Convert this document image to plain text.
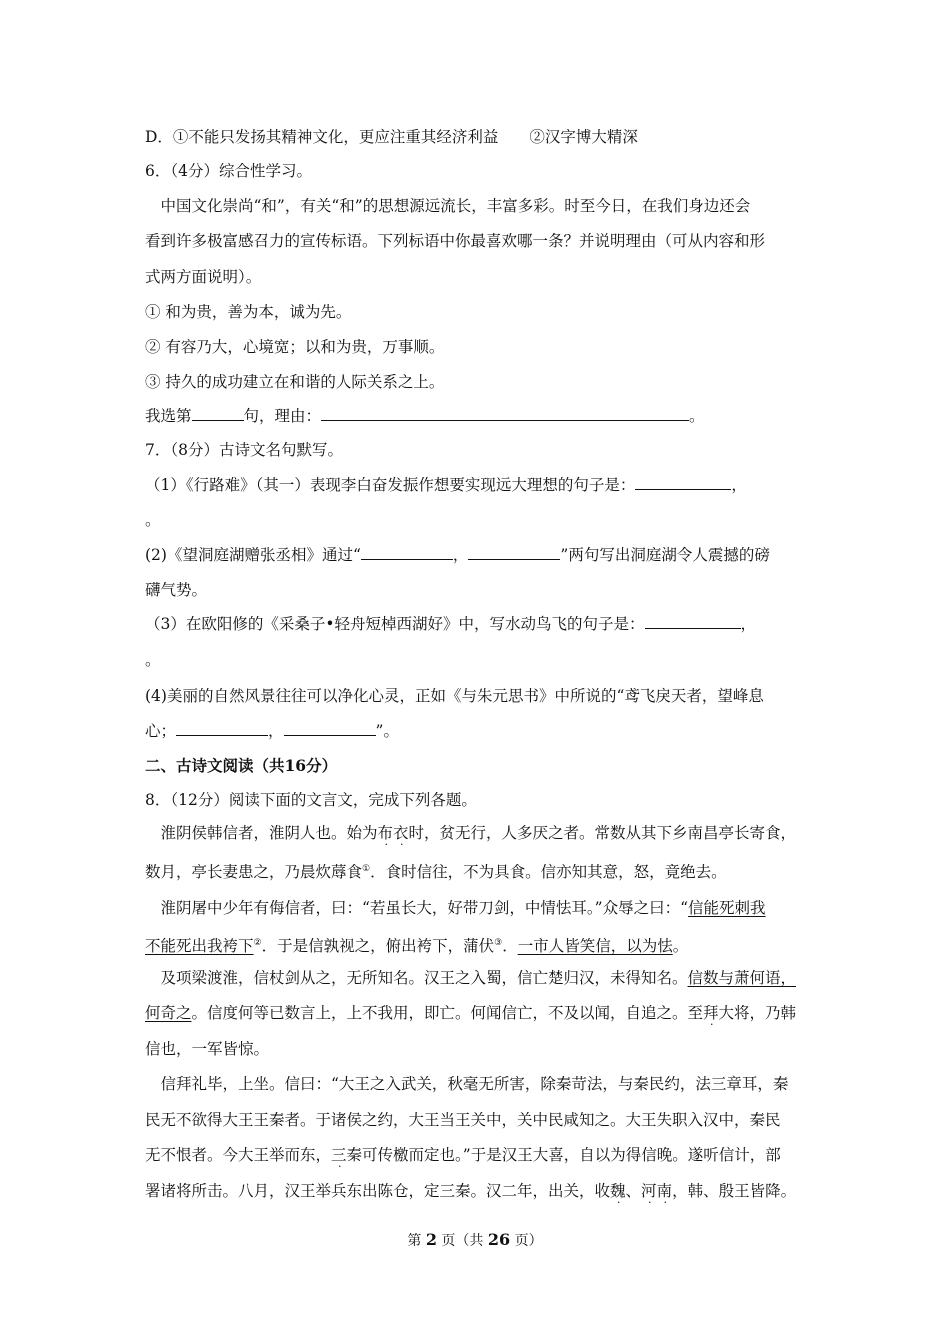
D．①不能只发扬其精神文化，更应注重其经济利益　　②汉字博大精深
6．（4分）综合性学习。
　中国文化崇尚“和”，有关“和”的思想源远流长，丰富多彩。时至今日，在我们身边还会
看到许多极富感召力的宣传标语。下列标语中你最喜欢哪一条？并说明理由（可从内容和形
式两方面说明）。
① 和为贵，善为本，诚为先。
② 有容乃大，心境宽；以和为贵，万事顺。
③ 持久的成功建立在和谐的人际关系之上。
我选第	句，理由：	。
7．（8分）古诗文名句默写。
（1）《行路难》（其一）表现李白奋发振作想要实现远大理想的句子是：	，
。
(2)《望洞庭湖赠张丞相》通过“	，	”两句写出洞庭湖令人震撼的磅
礴气势。
（3）在欧阳修的《采桑子•轻舟短棹西湖好》中，写水动鸟飞的句子是：	，
。
(4)美丽的自然风景往往可以净化心灵，正如《与朱元思书》中所说的“鸢飞戾天者，望峰息
心；	，	”。
二、古诗文阅读（共16分）
8．（12分）阅读下面的文言文，完成下列各题。
　淮阴侯韩信者，淮阴人也。始为布衣时，贫无行，人多厌之者。常数从其下乡南昌亭长寄食，
数月，亭长妻患之，乃晨炊蓐食①．食时信往，不为具食。信亦知其意，怒，竟绝去。
　淮阴屠中少年有侮信者，曰：“若虽长大，好带刀剑，中情怯耳。”众辱之曰：“信能死刺我
不能死出我袴下②．于是信孰视之，俯出袴下，蒲伏③．一市人皆笑信，以为怯。
　及项梁渡淮，信杖剑从之，无所知名。汉王之入蜀，信亡楚归汉，未得知名。信数与萧何语，
何奇之。信度何等已数言上，上不我用，即亡。何闻信亡，不及以闻，自追之。至拜大将，乃韩
信也，一军皆惊。
　信拜礼毕，上坐。信曰：“大王之入武关，秋毫无所害，除秦苛法，与秦民约，法三章耳，秦
民无不欲得大王王秦者。于诸侯之约，大王当王关中，关中民咸知之。大王失职入汉中，秦民
无不恨者。今大王举而东，三秦可传檄而定也。”于是汉王大喜，自以为得信晚。遂听信计，部
署诸将所击。八月，汉王举兵东出陈仓，定三秦。汉二年，出关，收魏、河南，韩、殷王皆降。
第 2 页（共 26 页）
